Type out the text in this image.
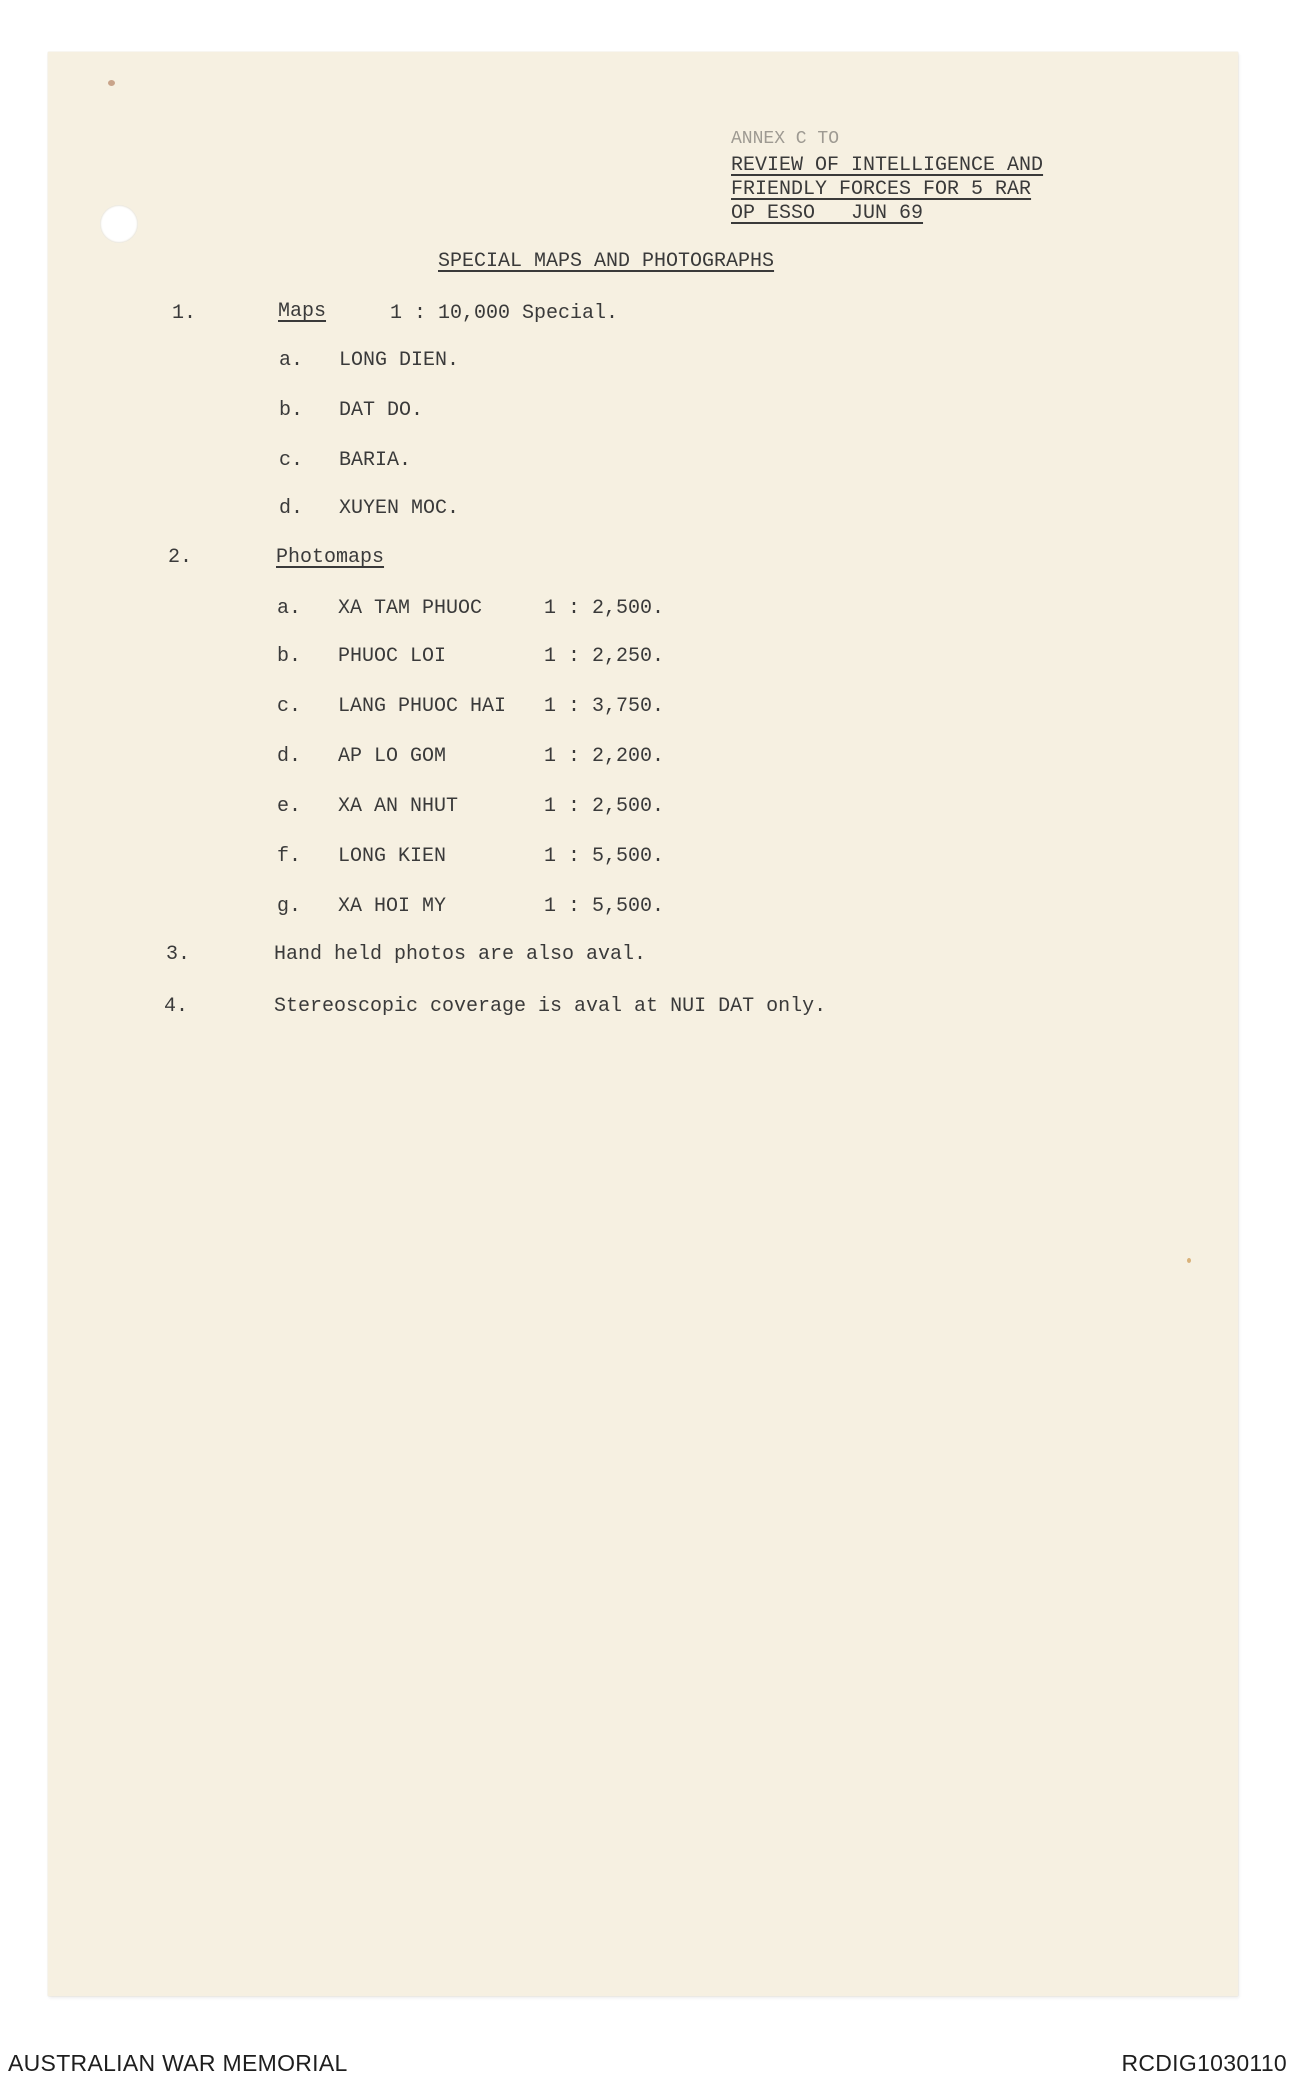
ANNEX C TO
REVIEW OF INTELLIGENCE AND
FRIENDLY FORCES FOR 5 RAR
OP ESSO   JUN 69
SPECIAL MAPS AND PHOTOGRAPHS
1.	Maps	1 : 10,000 Special.
a. LONG DIEN.
b. DAT DO.
c. BARIA.
d. XUYEN MOC.
2.	Photomaps
a. XA TAM PHUOC	1 : 2,500.
b. PHUOC LOI	1 : 2,250.
c. LANG PHUOC HAI 1 : 3,750.
d. AP LO GOM	1 : 2,200.
e. XA AN NHUT	1 : 2,500.
f. LONG KIEN	1 : 5,500.
g. XA HOI MY	1 : 5,500.
3.	Hand held photos are also aval.
4.	Stereoscopic coverage is aval at NUI DAT only.
AUSTRALIAN WAR MEMORIAL	RCDIG1030110
